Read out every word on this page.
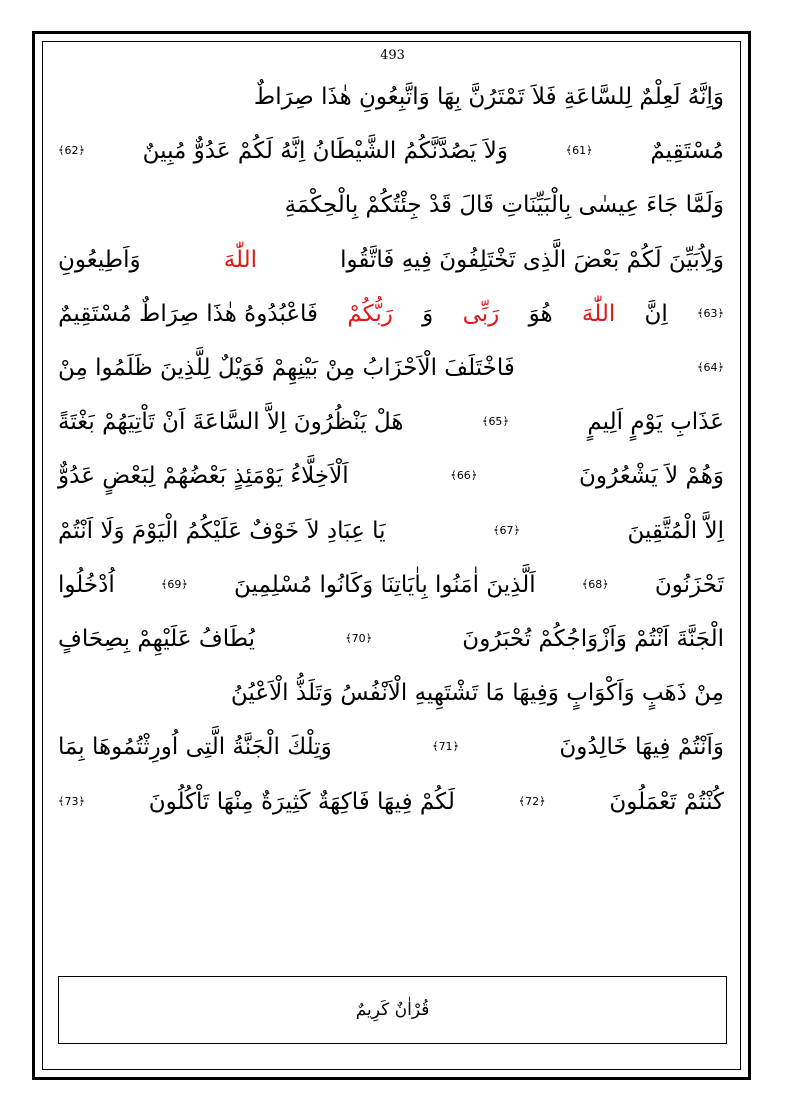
493
وَاِنَّهُ لَعِلْمٌ لِلسَّاعَةِ فَلاَ تَمْتَرُنَّ بِهَا وَاتَّبِعُونِ هٰذَا صِرَاطٌ
مُسْتَقِيمٌ
﴿61﴾
وَلاَ يَصُدَّنَّكُمُ الشَّيْطَانُ اِنَّهُ لَكُمْ عَدُوٌّ مُبِينٌ
﴿62﴾
وَلَمَّا جَاءَ عِيسٰى بِالْبَيِّنَاتِ قَالَ قَدْ جِئْتُكُمْ بِالْحِكْمَةِ
وَلِاُبَيِّنَ لَكُمْ بَعْضَ الَّذِى تَخْتَلِفُونَ فِيهِ فَاتَّقُوا
اللّٰهَ
وَاَطِيعُونِ
﴿63﴾
اِنَّ
اللّٰهَ
هُوَ
رَبِّى
وَ
رَبُّكُمْ
فَاعْبُدُوهُ هٰذَا صِرَاطٌ مُسْتَقِيمٌ
﴿64﴾
فَاخْتَلَفَ الْاَحْزَابُ مِنْ بَيْنِهِمْ فَوَيْلٌ لِلَّذِينَ ظَلَمُوا مِنْ
عَذَابِ يَوْمٍ اَلِيمٍ
﴿65﴾
هَلْ يَنْظُرُونَ اِلاَّ السَّاعَةَ اَنْ تَاْتِيَهُمْ بَغْتَةً
وَهُمْ لاَ يَشْعُرُونَ
﴿66﴾
اَلْاَخِلَّاءُ يَوْمَئِذٍ بَعْضُهُمْ لِبَعْضٍ عَدُوٌّ
اِلاَّ الْمُتَّقِينَ
﴿67﴾
يَا عِبَادِ لاَ خَوْفٌ عَلَيْكُمُ الْيَوْمَ وَلَا اَنْتُمْ
تَحْزَنُونَ
﴿68﴾
اَلَّذِينَ اٰمَنُوا بِاٰيَاتِنَا وَكَانُوا مُسْلِمِينَ
﴿69﴾
اُدْخُلُوا
الْجَنَّةَ اَنْتُمْ وَاَزْوَاجُكُمْ تُحْبَرُونَ
﴿70﴾
يُطَافُ عَلَيْهِمْ بِصِحَافٍ
مِنْ ذَهَبٍ وَاَكْوَابٍ وَفِيهَا مَا تَشْتَهِيهِ الْاَنْفُسُ وَتَلَذُّ الْاَعْيُنُ
وَاَنْتُمْ فِيهَا خَالِدُونَ
﴿71﴾
وَتِلْكَ الْجَنَّةُ الَّتِى اُورِثْتُمُوهَا بِمَا
كُنْتُمْ تَعْمَلُونَ
﴿72﴾
لَكُمْ فِيهَا فَاكِهَةٌ كَثِيرَةٌ مِنْهَا تَاْكُلُونَ
﴿73﴾
قُرْاٰنٌ كَرِيمٌ
